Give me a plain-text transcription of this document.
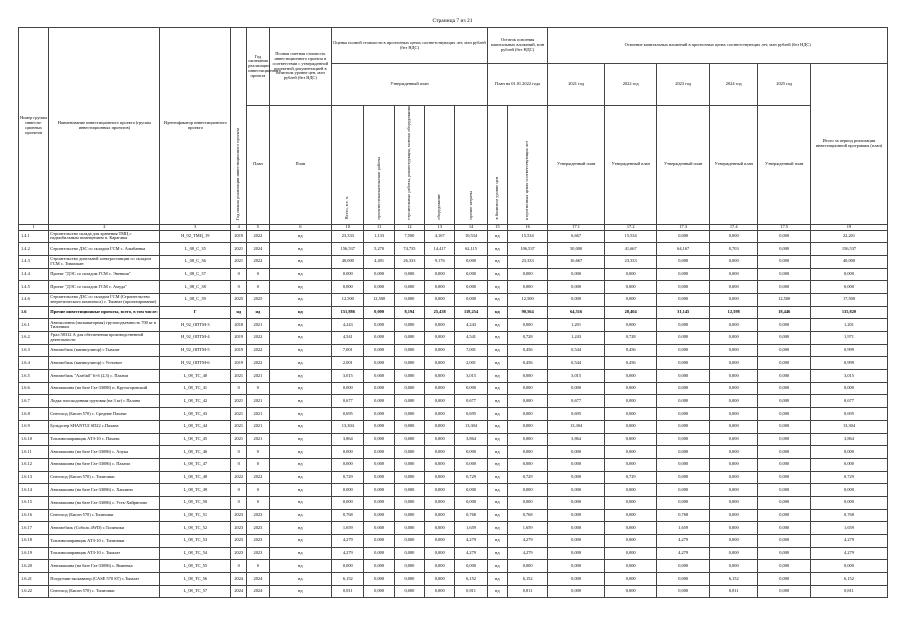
Страница 7 из 21
Номер группы инвести-ционных проектов	Наименование инвестиционного проекта (группы инвестиционных проектов)	Идентификатор инвестиционного проекта	Год начала реализации инвестиционного проекта	Год окончания реализации инвестиционного проекта	Полная сметная стоимость инвестиционного проекта в соответствии с утвержденной проектной документацией в базисном уровне цен, млн рублей (без НДС)	Оценка полной стоимости в прогнозных ценах соответствующих лет, млн рублей (без НДС)					Остаток освоения капитальных вложений, млн рублей (без НДС)		Освоение капитальных вложений в прогнозных ценах соответствующих лет, млн рублей (без НДС)					
						Утвержденный план					План на 01.01.2022 года		2021 год	2022 год	2023 год	2024 год	2025 год	Итого за период реализации инвестиционной программы (план)
				План	План	Всего, в т. ч.	проектно-изыскательские работы	строительные работы, реконструкция, монтаж оборудования	оборудование	прочие затраты	в базисном уровне цен	в прогнозных ценах соответствующих лет	Утвержденный план	Утвержденный план	Утвержденный план	Утвержденный план	Утвержденный план	
1	2	3	4	5	6	10	11	12	13	14	15	16	17.1	17.2	17.3	17.4	17.5	19
1.4.1	Строительство склада для хранения ТМЦ с надмобильным помещением п. Караганы	H_92_ТМЦ_19	2019	2022	нд	23,333	1,133	7,500	4,167	10,534	нд	15,534	6,667	15,534	0,000	0,000	0,000	22,201
1.4.2	Строительство ДЗС со складом ГСМ с. Алыбаевка	L_08_С_35	2021	2024	нд	156,537	5,270	74,735	14,417	62,115	нд	106,537	50,000	41,667	64,167	0,703	0,000	156,537
1.4.3	Строительство дизельной электростанции со складом ГСМ с. Тимилкан	L_08_С_36	2021	2022	нд	40,000	4,491	26,333	9,176	0,000	нд	23,333	16,667	23,333	0,000	0,000	0,000	40,000
1.4.4	Проект "ДЭС со складом ГСМ с. Эвенкия"	L_08_С_37	0	0	нд	0,000	0,000	0,000	0,000	0,000	нд	0,000	0,000	0,000	0,000	0,000	0,000	0,000
1.4.5	Проект "ДЭС со складом ГСМ с. Амуда"	L_08_С_38	0	0	нд	0,000	0,000	0,000	0,000	0,000	нд	0,000	0,000	0,000	0,000	0,000	0,000	0,000
1.4.6	Строительство ДЗС со складом ГСМ (Строительство энергетического комплекса) с. Тымнат (проектирование)	L_08_С_39	2025	2025	нд	12,500	12,500	0,000	0,000	0,000	нд	12,500	0,000	0,000	0,000	0,000	12,500	17,500
1.6	Прочие инвестиционные проекты, всего, в том числе:	Г	нд	нд	нд	151,886	0,000	8,194	25,438	118,254	нд	90,564	64,516	28,404	31,145	12,598	18,446	135,820
1.6.1	Автоколонна (экскаваторная) грузоподъемность 700 кг в Тиличики	H_92_ОПТМ-3	2018	2021	нд	4,243	0,000	0,000	0,000	4,243	нд	0,000	1,201	0,000	0,000	0,000	0,000	1,201
1.6.2	Урал 58312 А для обеспечения производственной деятельности	H_92_ОПТМ-4	2019	2022	нд	4,541	0,000	0,000	0,000	4,541	нд	0,728	1,243	0,728	0,000	0,000	0,000	1,971
1.6.3	Автомобиль (манипулятор) с Тымлат	H_92_ОПТМ-5	2019	2022	нд	7,001	0,000	0,000	0,000	7,001	нд	0,456	0,544	0,456	0,000	0,000	0,000	0,999
1.6.4	Автомобиль (манипулятор) с Устьевое	H_92_ОПТМ-6	2019	2022	нд	2,001	0,000	0,000	0,000	2,001	нд	0,456	0,544	0,456	0,000	0,000	0,000	0,999
1.6.5	Автомобиль "Алабай" 6×6 (2,5) с. Пахачи	L_08_ТС_40	2021	2021	нд	3,015	0,000	0,000	0,000	3,015	нд	0,000	3,015	0,000	0,000	0,000	0,000	3,015
1.6.6	Автомашина (на базе Газ-33088) п. Крутогоровский	L_08_ТС_41	0	0	нд	0,000	0,000	0,000	0,000	0,000	нд	0,000	0,000	0,000	0,000	0,000	0,000	0,000
1.6.7	Лодка плоскодонная грузовая (на 3 кг) с Палана	L_08_ТС_42	2021	2021	нд	0,677	0,000	0,000	0,000	0,677	нд	0,000	0,677	0,000	0,000	0,000	0,000	0,677
1.6.8	Снегоход (Бисон 570) с. Средние Пахачи	L_08_ТС_43	2021	2021	нд	0,695	0,000	0,000	0,000	0,695	нд	0,000	0,695	0,000	0,000	0,000	0,000	0,695
1.6.9	Бульдозер SHANTUI SD22 с.Палана	L_08_ТС_44	2021	2021	нд	13,304	0,000	0,000	0,000	13,304	нд	0,000	13,304	0,000	0,000	0,000	0,000	13,304
1.6.10	Топливозаправщик АТЗ-10 с. Пахачи	L_08_ТС_45	2021	2021	нд	3,864	0,000	0,000	0,000	3,864	нд	0,000	3,864	0,000	0,000	0,000	0,000	3,864
1.6.11	Автомашина (на базе Газ-33086) с. Апука	L_08_ТС_46	0	0	нд	0,000	0,000	0,000	0,000	0,000	нд	0,000	0,000	0,000	0,000	0,000	0,000	0,000
1.6.12	Автомашина (на базе Газ-33086) с. Пахачи	L_08_ТС_47	0	0	нд	0,000	0,000	0,000	0,000	0,000	нд	0,000	0,000	0,000	0,000	0,000	0,000	0,000
1.6.13	Снегоход (Бисон 570) с. Тиличики	L_08_ТС_48	2022	2022	нд	0,729	0,000	0,000	0,000	0,729	нд	0,729	0,000	0,729	0,000	0,000	0,000	0,729
1.6.14	Автомашина (на базе Газ-33086) с. Хаилино	L_08_ТС_49	0	0	нд	0,000	0,000	0,000	0,000	0,000	нд	0,000	0,000	0,000	0,000	0,000	0,000	0,000
1.6.15	Автомашина (на базе Газ-33086) с. Усть-Хайрюзово	L_08_ТС_50	0	0	нд	0,000	0,000	0,000	0,000	0,000	нд	0,000	0,000	0,000	0,000	0,000	0,000	0,000
1.6.16	Снегоход (Бисон 570) с.Тиличики	L_08_ТС_51	2023	2023	нд	0,768	0,000	0,000	0,000	0,768	нд	0,768	0,000	0,000	0,768	0,000	0,000	0,768
1.6.17	Автомобиль (Соболь 4WD) с.Тиличики	L_08_ТС_52	2023	2023	нд	1,659	0,000	0,000	0,000	1,659	нд	1,659	0,000	0,000	1,659	0,000	0,000	1,659
1.6.18	Топливозаправщик АТЗ-10 с. Тиличики	L_08_ТС_53	2023	2023	нд	4,279	0,000	0,000	0,000	4,279	нд	4,279	0,000	0,000	4,279	0,000	0,000	4,279
1.6.19	Топливозаправщик АТЗ-10 с. Тымлат	L_08_ТС_54	2023	2023	нд	4,279	0,000	0,000	0,000	4,279	нд	4,279	0,000	0,000	4,279	0,000	0,000	4,279
1.6.20	Автомашина (на базе Газ-33086) с. Вывенка	L_08_ТС_55	0	0	нд	0,000	0,000	0,000	0,000	0,000	нд	0,000	0,000	0,000	0,000	0,000	0,000	0,000
1.6.21	Погрузчик-экскаватор (CASE 570 ST) с.Тымлат	L_08_ТС_56	2024	2024	нд	6,152	0,000	0,000	0,000	6,152	нд	6,152	0,000	0,000	0,000	6,152	0,000	6,152
1.6.22	Снегоход (Бисон 570) с. Тиличики	L_08_ТС_57	2024	2024	нд	0,811	0,000	0,000	0,000	0,811	нд	0,811	0,000	0,000	0,000	0,811	0,000	0,811
